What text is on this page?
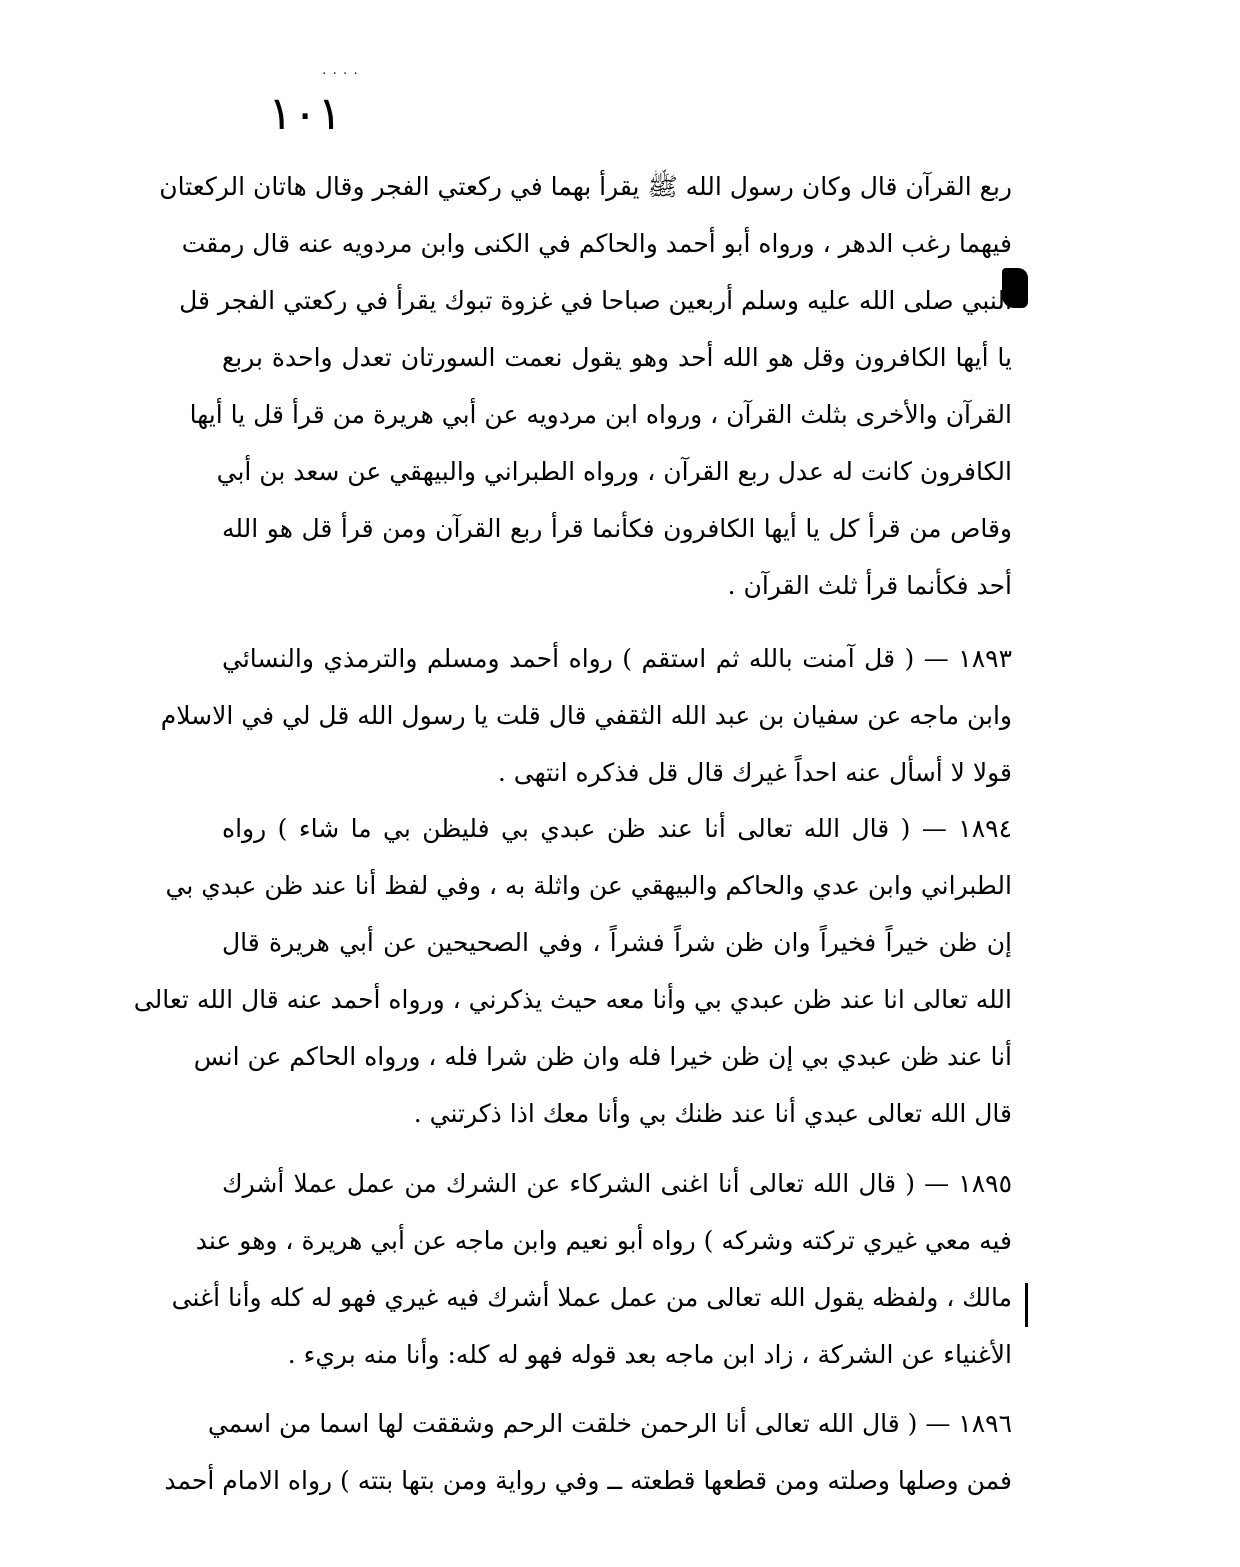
....
١٠١
ربع القرآن قال وكان رسول الله ﷺ يقرأ بهما في ركعتي الفجر وقال هاتان الركعتان
فيهما رغب الدهر ، ورواه أبو أحمد والحاكم في الكنى وابن مردويه عنه قال رمقت
النبي صلى الله عليه وسلم أربعين صباحا في غزوة تبوك يقرأ في ركعتي الفجر قل
يا أيها الكافرون وقل هو الله أحد وهو يقول نعمت السورتان تعدل واحدة بربع
القرآن والأخرى بثلث القرآن ، ورواه ابن مردويه عن أبي هريرة من قرأ قل يا أيها
الكافرون كانت له عدل ربع القرآن ، ورواه الطبراني والبيهقي عن سعد بن أبي
وقاص من قرأ كل يا أيها الكافرون فكأنما قرأ ربع القرآن ومن قرأ قل هو الله
أحد فكأنما قرأ ثلث القرآن .
١٨٩٣ — ( قل آمنت بالله ثم استقم ) رواه أحمد ومسلم والترمذي والنسائي
وابن ماجه عن سفيان بن عبد الله الثقفي قال قلت يا رسول الله قل لي في الاسلام
قولا لا أسأل عنه احداً غيرك قال قل فذكره انتهى .
١٨٩٤ — ( قال الله تعالى أنا عند ظن عبدي بي فليظن بي ما شاء ) رواه
الطبراني وابن عدي والحاكم والبيهقي عن واثلة به ، وفي لفظ أنا عند ظن عبدي بي
إن ظن خيراً فخيراً وان ظن شراً فشراً ، وفي الصحيحين عن أبي هريرة قال
الله تعالى انا عند ظن عبدي بي وأنا معه حيث يذكرني ، ورواه أحمد عنه قال الله تعالى
أنا عند ظن عبدي بي إن ظن خيرا فله وان ظن شرا فله ، ورواه الحاكم عن انس
قال الله تعالى عبدي أنا عند ظنك بي وأنا معك اذا ذكرتني .
١٨٩٥ — ( قال الله تعالى أنا اغنى الشركاء عن الشرك من عمل عملا أشرك
فيه معي غيري تركته وشركه ) رواه أبو نعيم وابن ماجه عن أبي هريرة ، وهو عند
مالك ، ولفظه يقول الله تعالى من عمل عملا أشرك فيه غيري فهو له كله وأنا أغنى
الأغنياء عن الشركة ، زاد ابن ماجه بعد قوله فهو له كله: وأنا منه بريء .
١٨٩٦ — ( قال الله تعالى أنا الرحمن خلقت الرحم وشققت لها اسما من اسمي
فمن وصلها وصلته ومن قطعها قطعته ــ وفي رواية ومن بتها بتته ) رواه الامام أحمد
